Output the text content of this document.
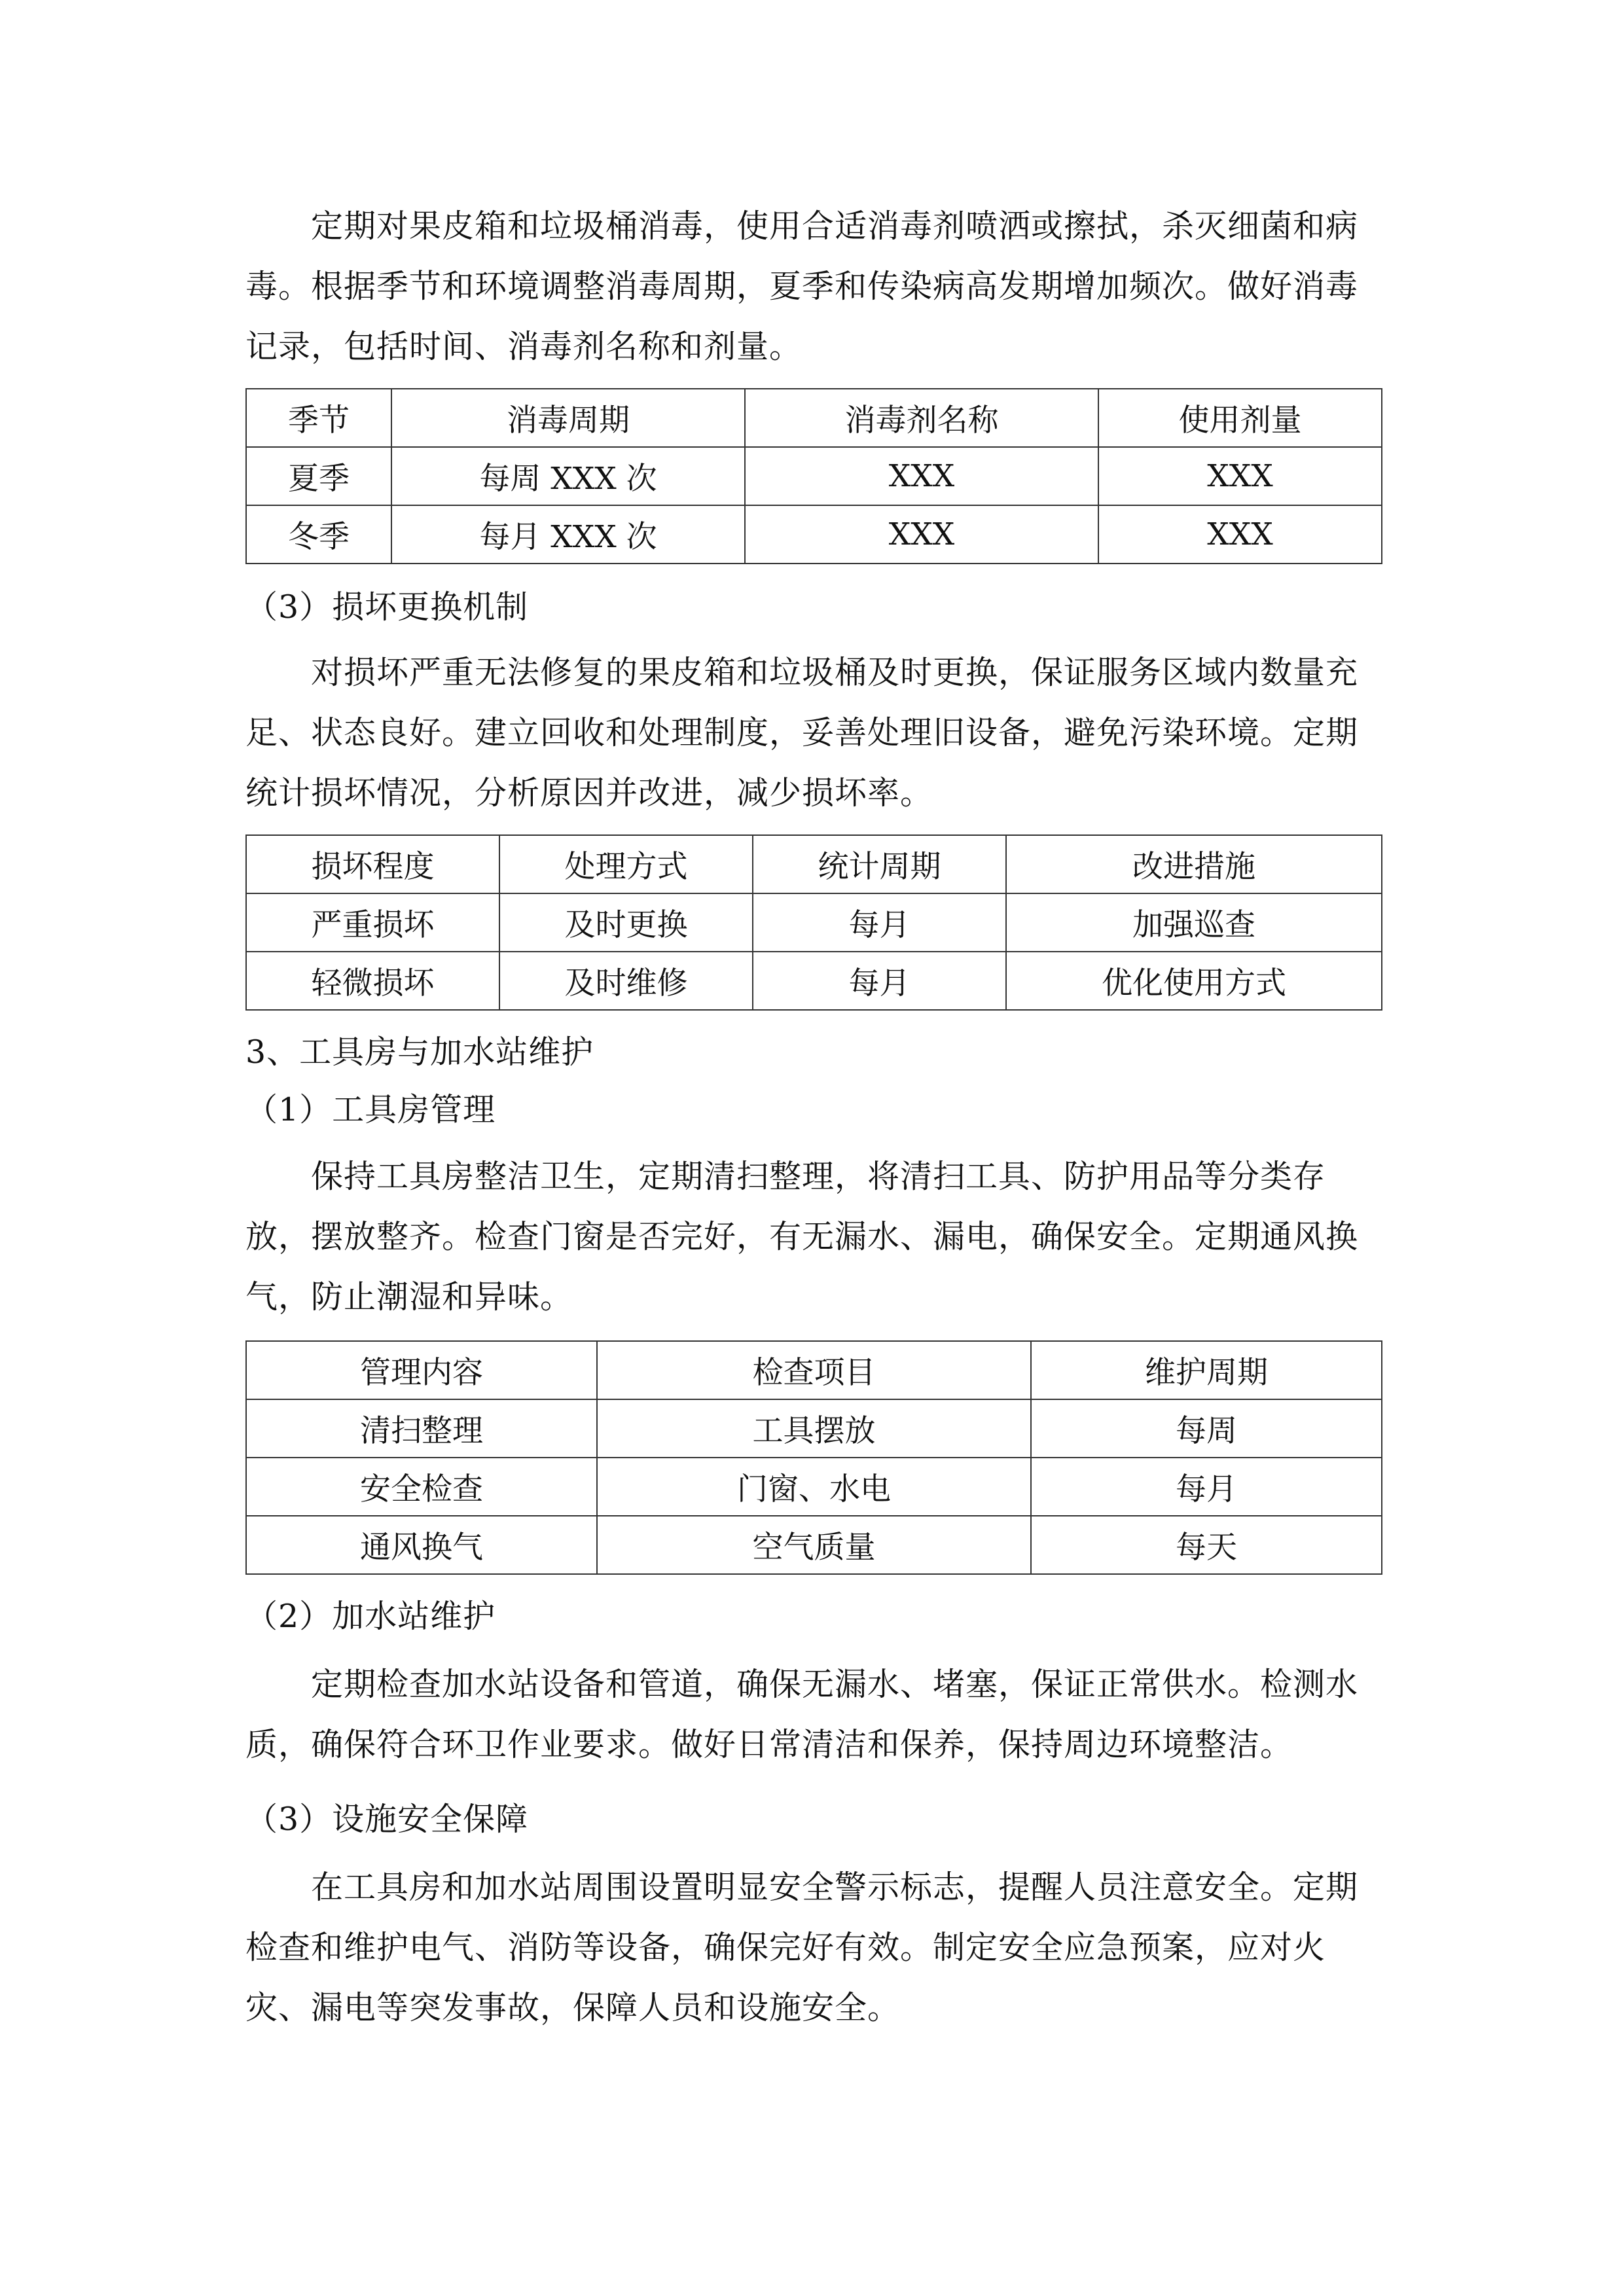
定期对果皮箱和垃圾桶消毒，使用合适消毒剂喷洒或擦拭，杀灭细菌和病毒。根据季节和环境调整消毒周期，夏季和传染病高发期增加频次。做好消毒记录，包括时间、消毒剂名称和剂量。

季节	消毒周期	消毒剂名称	使用剂量
夏季	每周 XXX 次	XXX	XXX
冬季	每月 XXX 次	XXX	XXX

（3）损坏更换机制

对损坏严重无法修复的果皮箱和垃圾桶及时更换，保证服务区域内数量充足、状态良好。建立回收和处理制度，妥善处理旧设备，避免污染环境。定期统计损坏情况，分析原因并改进，减少损坏率。

损坏程度	处理方式	统计周期	改进措施
严重损坏	及时更换	每月	加强巡查
轻微损坏	及时维修	每月	优化使用方式

3、工具房与加水站维护

（1）工具房管理

保持工具房整洁卫生，定期清扫整理，将清扫工具、防护用品等分类存放，摆放整齐。检查门窗是否完好，有无漏水、漏电，确保安全。定期通风换气，防止潮湿和异味。

管理内容	检查项目	维护周期
清扫整理	工具摆放	每周
安全检查	门窗、水电	每月
通风换气	空气质量	每天

（2）加水站维护

定期检查加水站设备和管道，确保无漏水、堵塞，保证正常供水。检测水质，确保符合环卫作业要求。做好日常清洁和保养，保持周边环境整洁。

（3）设施安全保障

在工具房和加水站周围设置明显安全警示标志，提醒人员注意安全。定期检查和维护电气、消防等设备，确保完好有效。制定安全应急预案，应对火灾、漏电等突发事故，保障人员和设施安全。
